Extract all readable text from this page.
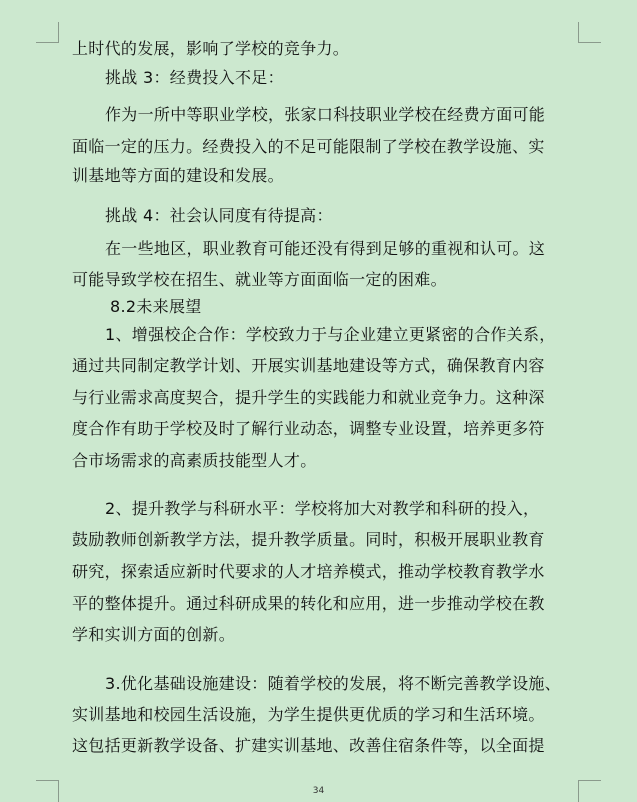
上时代的发展，影响了学校的竞争力。
挑战 3：经费投入不足：
作为一所中等职业学校，张家口科技职业学校在经费方面可能
面临一定的压力。经费投入的不足可能限制了学校在教学设施、实
训基地等方面的建设和发展。
挑战 4：社会认同度有待提高：
在一些地区，职业教育可能还没有得到足够的重视和认可。这
可能导致学校在招生、就业等方面面临一定的困难。
8.2未来展望
1、增强校企合作：学校致力于与企业建立更紧密的合作关系，
通过共同制定教学计划、开展实训基地建设等方式，确保教育内容
与行业需求高度契合，提升学生的实践能力和就业竞争力。这种深
度合作有助于学校及时了解行业动态，调整专业设置，培养更多符
合市场需求的高素质技能型人才。
2、提升教学与科研水平：学校将加大对教学和科研的投入，
鼓励教师创新教学方法，提升教学质量。同时，积极开展职业教育
研究，探索适应新时代要求的人才培养模式，推动学校教育教学水
平的整体提升。通过科研成果的转化和应用，进一步推动学校在教
学和实训方面的创新。
3.优化基础设施建设：随着学校的发展，将不断完善教学设施、
实训基地和校园生活设施，为学生提供更优质的学习和生活环境。
这包括更新教学设备、扩建实训基地、改善住宿条件等，以全面提
34
